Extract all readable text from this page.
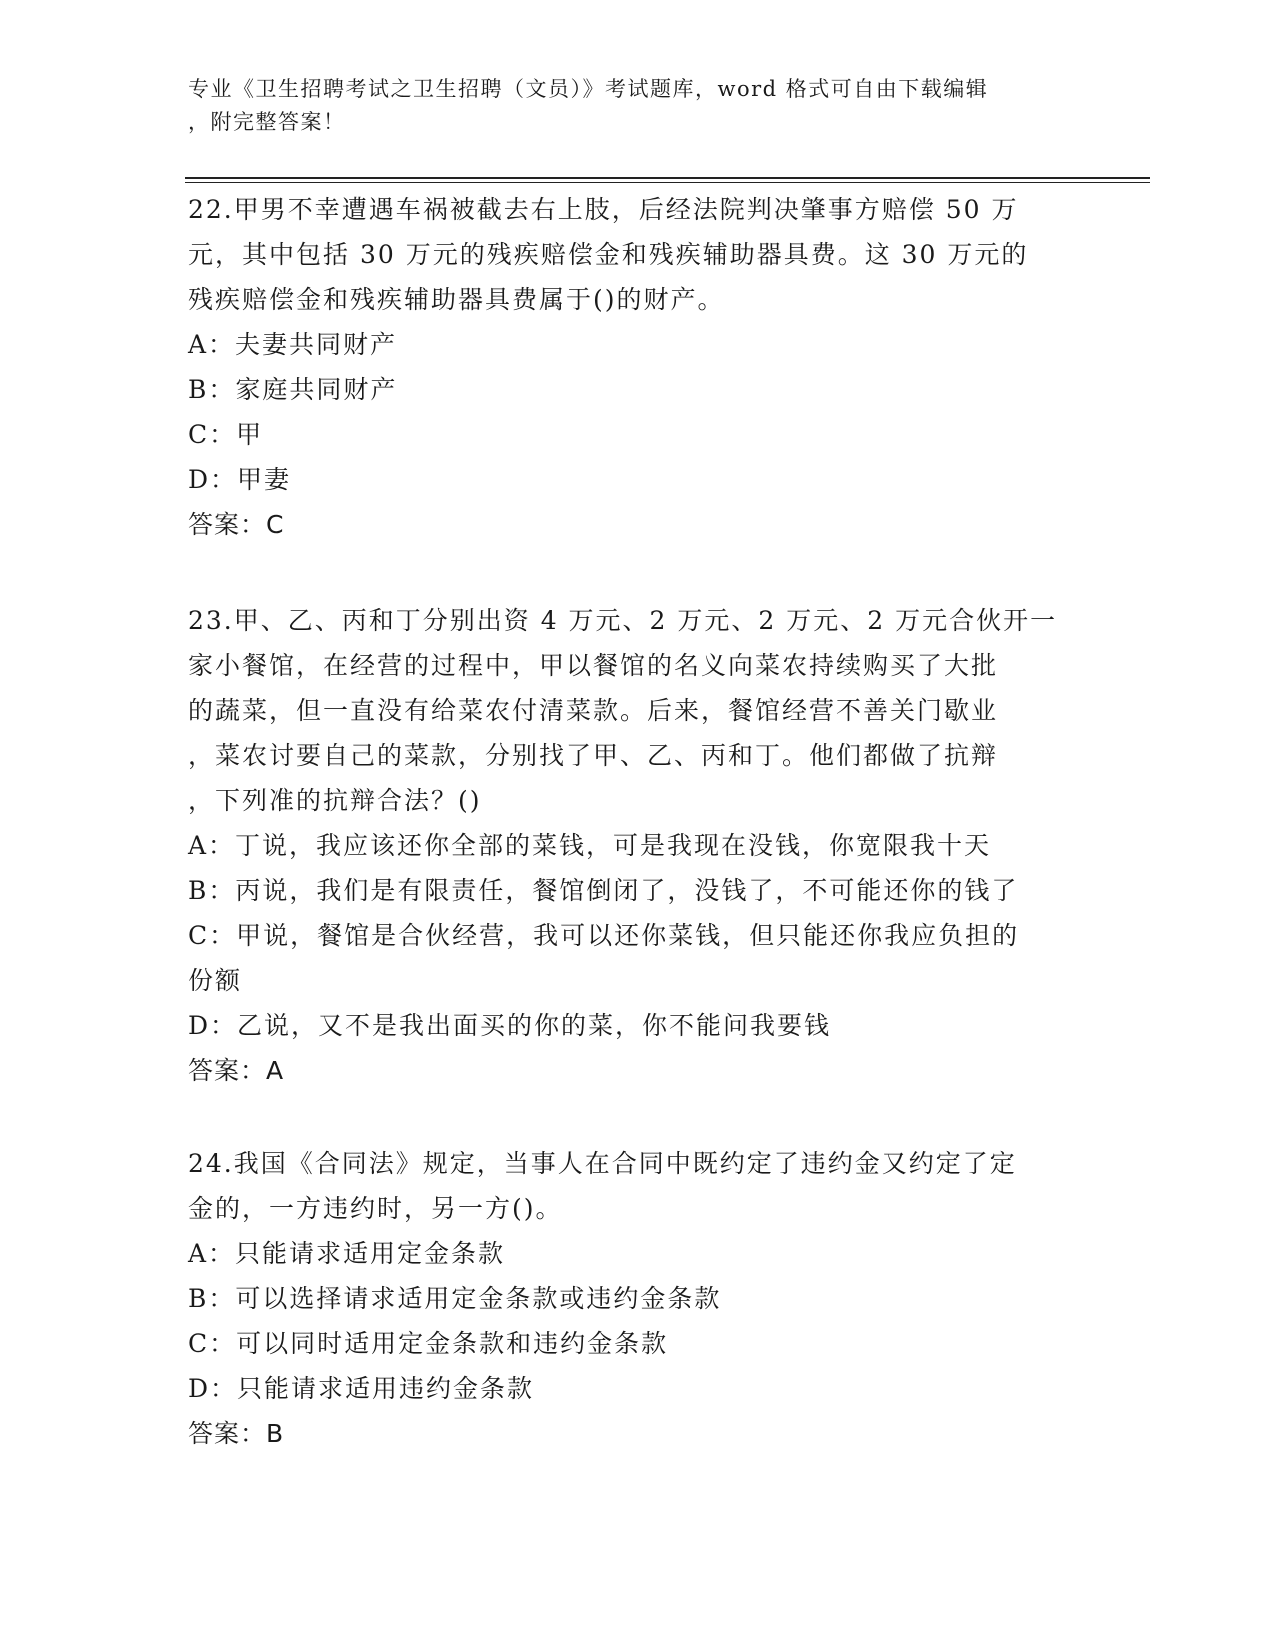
专业《卫生招聘考试之卫生招聘（文员）》考试题库，word 格式可自由下载编辑
，附完整答案！
22.甲男不幸遭遇车祸被截去右上肢，后经法院判决肇事方赔偿 50 万
元，其中包括 30 万元的残疾赔偿金和残疾辅助器具费。这 30 万元的
残疾赔偿金和残疾辅助器具费属于()的财产。
A：夫妻共同财产
B：家庭共同财产
C：甲
D：甲妻
答案：C
23.甲、乙、丙和丁分别出资 4 万元、2 万元、2 万元、2 万元合伙开一
家小餐馆，在经营的过程中，甲以餐馆的名义向菜农持续购买了大批
的蔬菜，但一直没有给菜农付清菜款。后来，餐馆经营不善关门歇业
，菜农讨要自己的菜款，分别找了甲、乙、丙和丁。他们都做了抗辩
，下列准的抗辩合法？()
A：丁说，我应该还你全部的菜钱，可是我现在没钱，你宽限我十天
B：丙说，我们是有限责任，餐馆倒闭了，没钱了，不可能还你的钱了
C：甲说，餐馆是合伙经营，我可以还你菜钱，但只能还你我应负担的
份额
D：乙说，又不是我出面买的你的菜，你不能问我要钱
答案：A
24.我国《合同法》规定，当事人在合同中既约定了违约金又约定了定
金的，一方违约时，另一方()。
A：只能请求适用定金条款
B：可以选择请求适用定金条款或违约金条款
C：可以同时适用定金条款和违约金条款
D：只能请求适用违约金条款
答案：B
